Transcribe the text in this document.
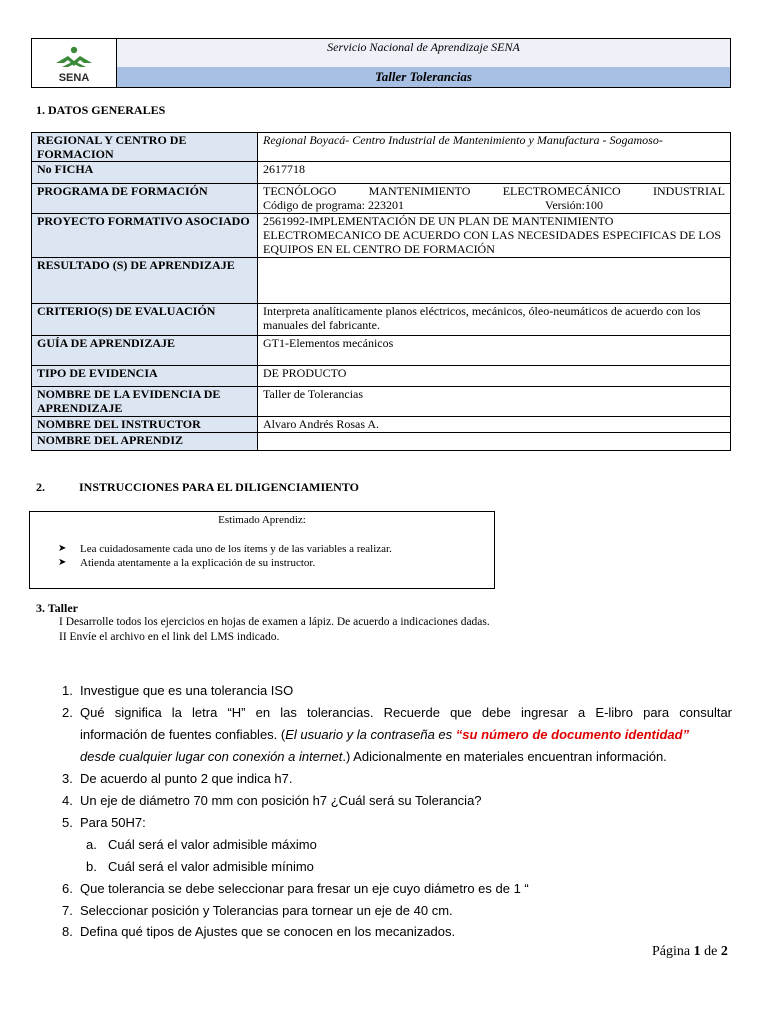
SENA
Servicio Nacional de Aprendizaje SENA
Taller Tolerancias
1. DATOS GENERALES
REGIONAL Y CENTRO DE FORMACION	Regional Boyacá- Centro Industrial de Mantenimiento y Manufactura - Sogamoso-
No FICHA	2617718
PROGRAMA DE FORMACIÓN	TECNÓLOGO MANTENIMIENTO ELECTROMECÁNICO INDUSTRIAL
Código de programa: 223201 Versión:100

PROYECTO FORMATIVO ASOCIADO	2561992-IMPLEMENTACIÓN DE UN PLAN DE MANTENIMIENTO ELECTROMECANICO DE ACUERDO CON LAS NECESIDADES ESPECIFICAS DE LOS EQUIPOS EN EL CENTRO DE FORMACIÓN
RESULTADO (S) DE APRENDIZAJE	
CRITERIO(S) DE EVALUACIÓN	Interpreta analíticamente planos eléctricos, mecánicos, óleo-neumáticos de acuerdo con los manuales del fabricante.
GUÍA DE APRENDIZAJE	GT1-Elementos mecánicos
TIPO DE EVIDENCIA	DE PRODUCTO
NOMBRE DE LA EVIDENCIA DE APRENDIZAJE	Taller de Tolerancias
NOMBRE DEL INSTRUCTOR	Alvaro Andrés Rosas A.
NOMBRE DEL APRENDIZ	
2.	INSTRUCCIONES PARA EL DILIGENCIAMIENTO
Estimado Aprendiz:
➤ Lea cuidadosamente cada uno de los ítems y de las variables a realizar.
➤ Atienda atentamente a la explicación de su instructor.
3. Taller
I Desarrolle todos los ejercicios en hojas de examen a lápiz. De acuerdo a indicaciones dadas.
II Envíe el archivo en el link del LMS indicado.
1. Investigue que es una tolerancia ISO
2. Qué significa la letra “H” en las tolerancias. Recuerde que debe ingresar a E-libro para consultar
información de fuentes confiables. (El usuario y la contraseña es “su número de documento identidad”
desde cualquier lugar con conexión a internet.) Adicionalmente en materiales encuentran información.
3. De acuerdo al punto 2 que indica h7.
4. Un eje de diámetro 70 mm con posición h7 ¿Cuál será su Tolerancia?
5. Para 50H7:
a. Cuál será el valor admisible máximo
b. Cuál será el valor admisible mínimo
6. Que tolerancia se debe seleccionar para fresar un eje cuyo diámetro es de 1 “
7. Seleccionar posición y Tolerancias para tornear un eje de 40 cm.
8. Defina qué tipos de Ajustes que se conocen en los mecanizados.
Página 1 de 2
